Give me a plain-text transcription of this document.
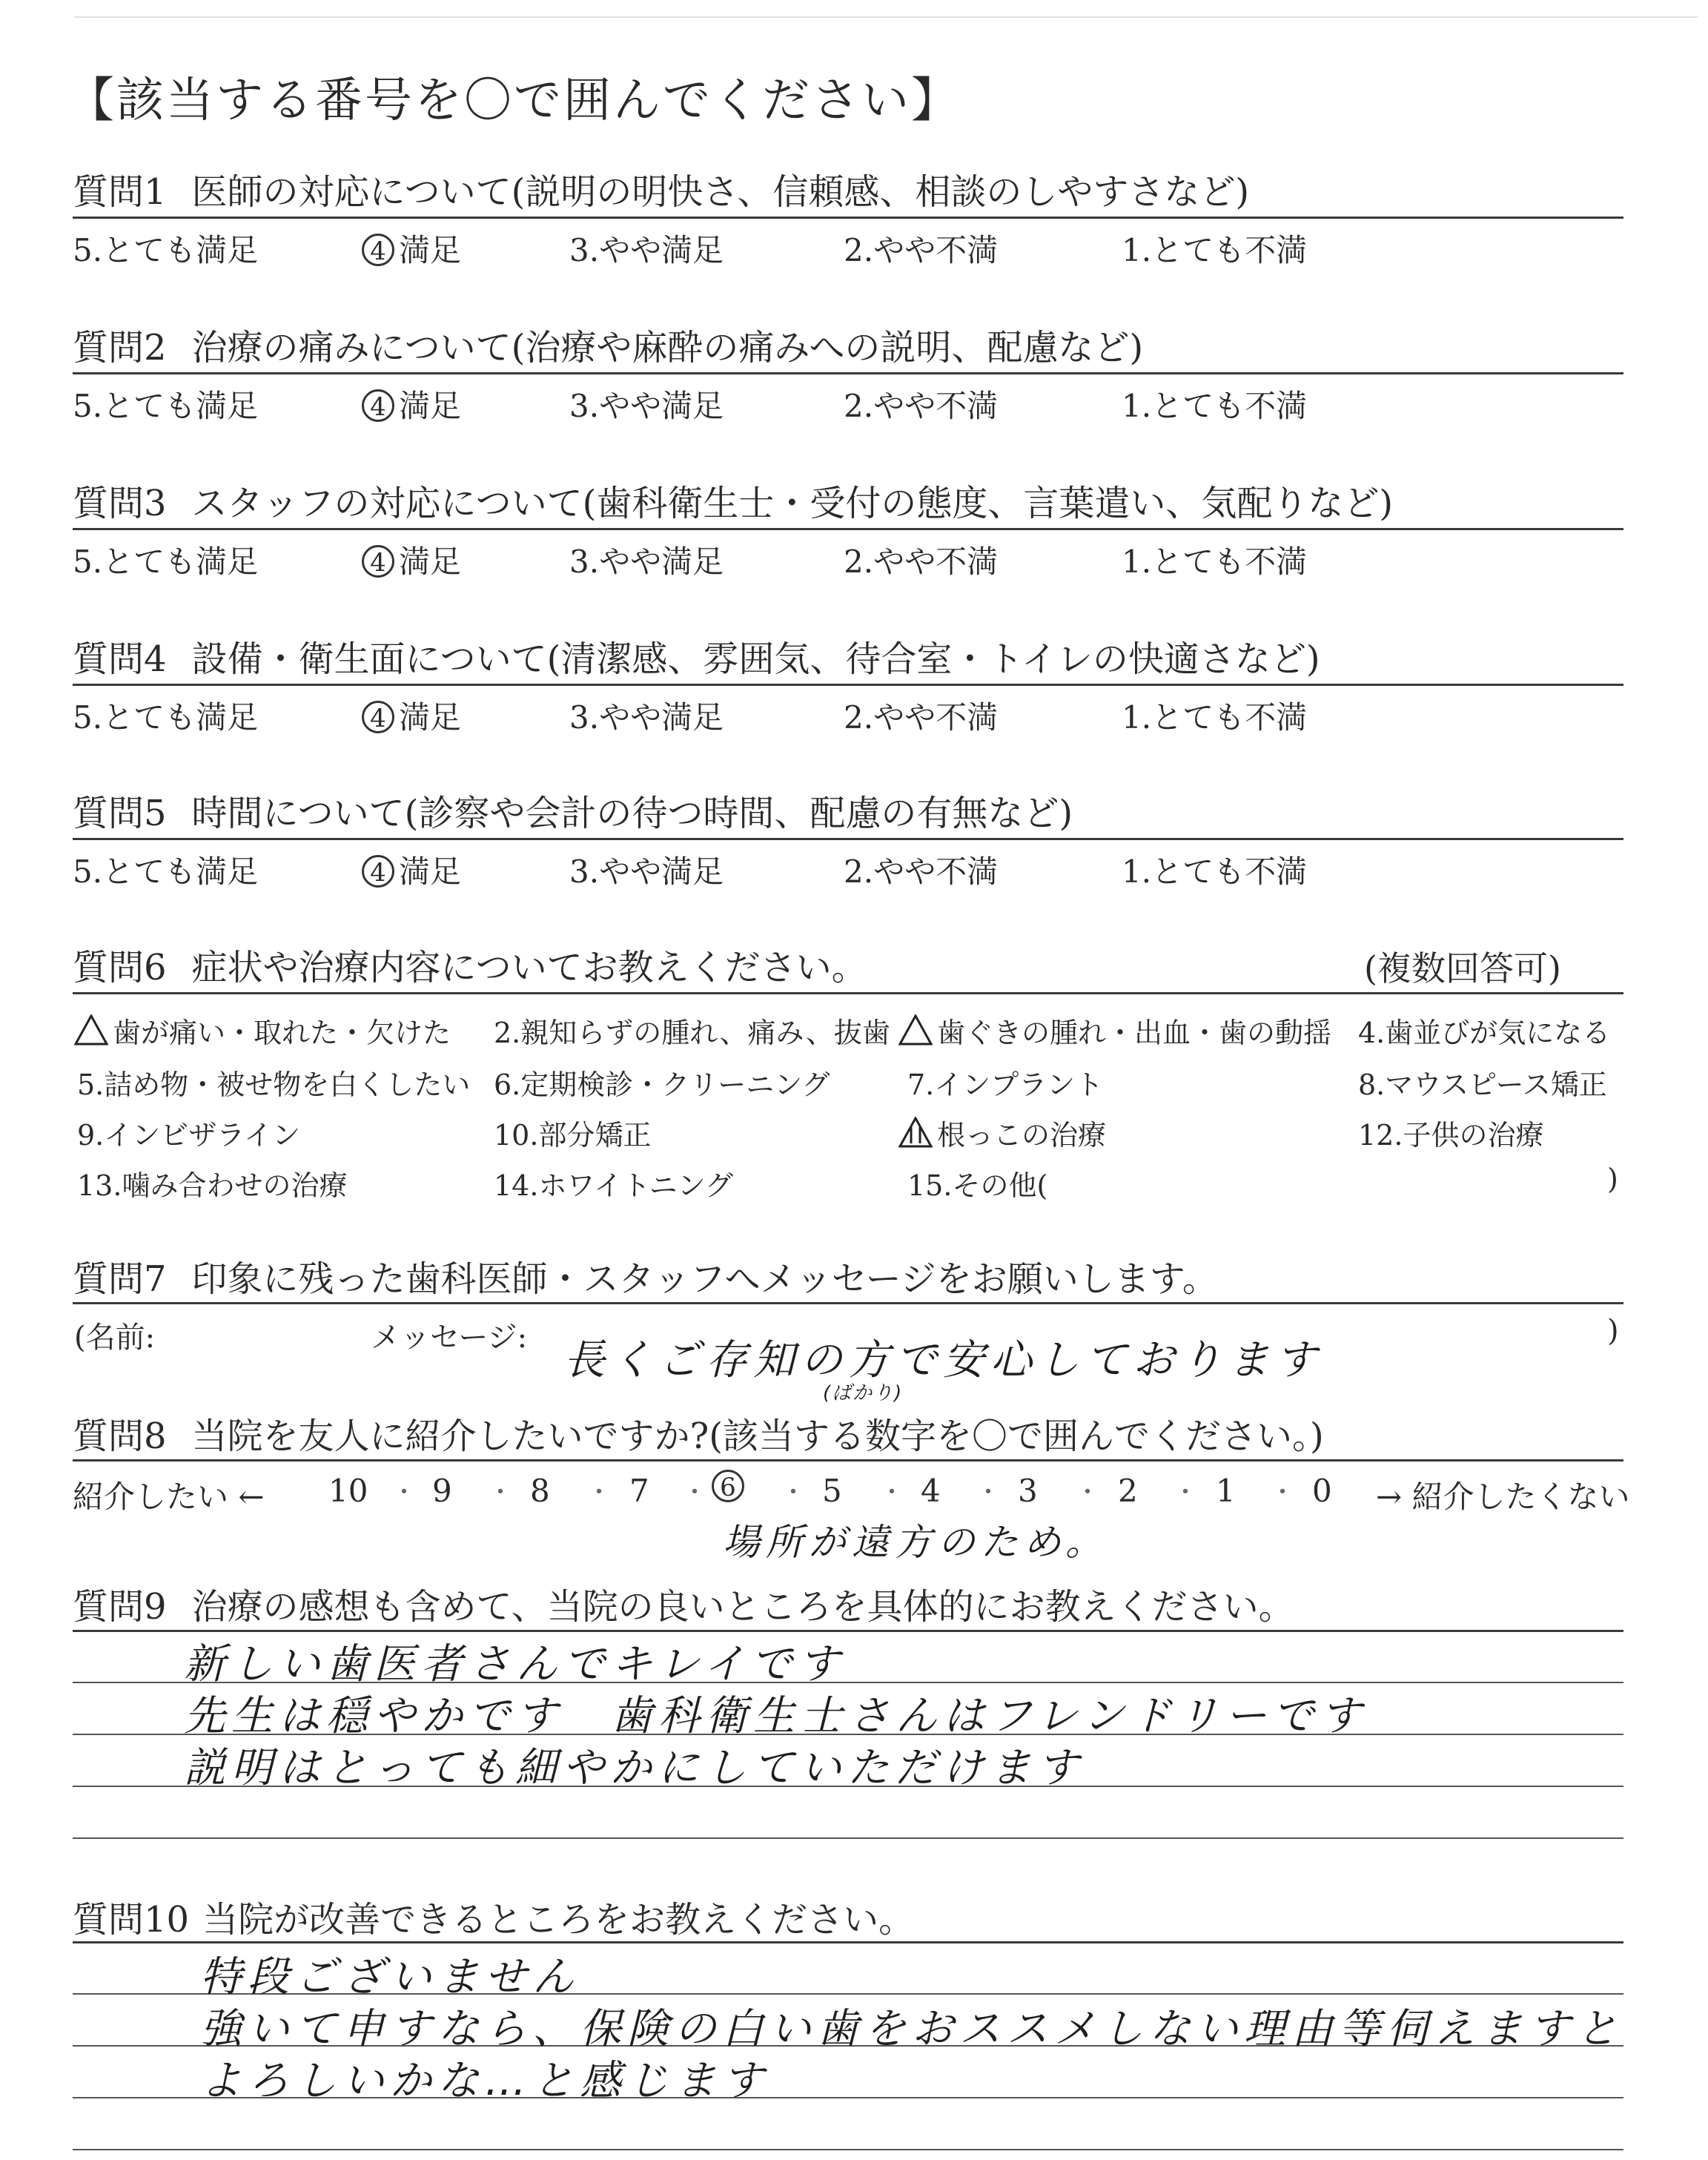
【該当する番号を〇で囲んでください】
質問1 医師の対応について(説明の明快さ、信頼感、相談のしやすさなど)
5.とても満足	4 満足	3.やや満足	2.やや不満	1.とても不満
質問2 治療の痛みについて(治療や麻酔の痛みへの説明、配慮など)
5.とても満足	4 満足	3.やや満足	2.やや不満	1.とても不満
質問3 スタッフの対応について(歯科衛生士・受付の態度、言葉遣い、気配りなど)
5.とても満足	4 満足	3.やや満足	2.やや不満	1.とても不満
質問4 設備・衛生面について(清潔感、雰囲気、待合室・トイレの快適さなど)
5.とても満足	4 満足	3.やや満足	2.やや不満	1.とても不満
質問5 時間について(診察や会計の待つ時間、配慮の有無など)
5.とても満足	4 満足	3.やや満足	2.やや不満	1.とても不満
質問6 症状や治療内容についてお教えください。	(複数回答可)
歯が痛い・取れた・欠けた 2.親知らずの腫れ、痛み、抜歯	歯ぐきの腫れ・出血・歯の動揺 4.歯並びが気になる
5.詰め物・被せ物を白くしたい 6.定期検診・クリーニング	7.インプラント	8.マウスピース矯正
9.インビザライン	10.部分矯正	根っこの治療	12.子供の治療
13.噛み合わせの治療	14.ホワイトニング	15.その他(	)
質問7 印象に残った歯科医師・スタッフへメッセージをお願いします。
(名前:	メッセージ:	)
長くご存知の方で安心しております
(ばかり)
質問8 当院を友人に紹介したいですか?(該当する数字を〇で囲んでください。)
紹介したい ← 10 9	8	7	6	5	4 3	2	1 0 → 紹介したくない
・	・	・	・	・	・	・	・	・	・
場所が遠方のため。
質問9 治療の感想も含めて、当院の良いところを具体的にお教えください。
新しい歯医者さんでキレイです
先生は穏やかです　歯科衛生士さんはフレンドリーです
説明はとっても細やかにしていただけます
質問10 当院が改善できるところをお教えください。
特段ございません
強いて申すなら、保険の白い歯をおススメしない理由等伺えますと
よろしいかな…と感じます
